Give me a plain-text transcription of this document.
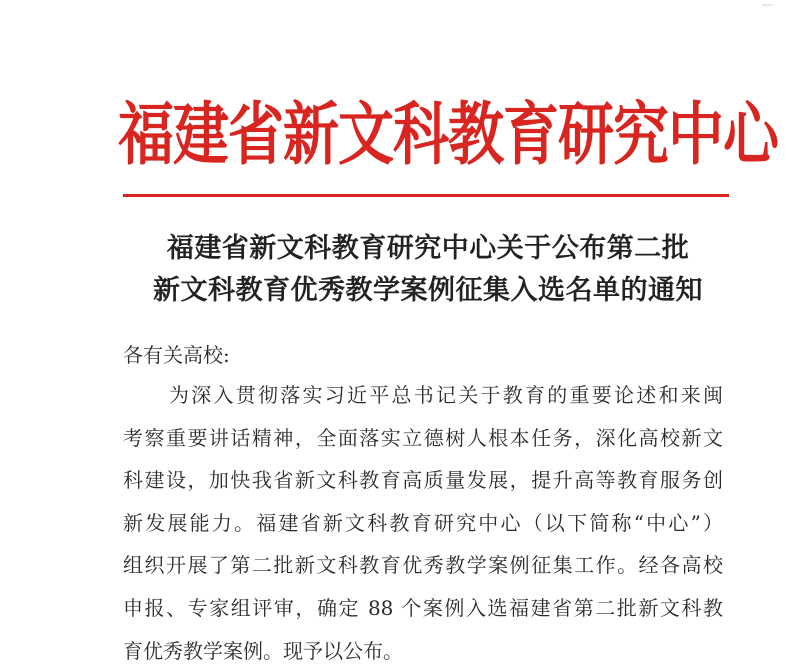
福建省新文科教育研究中心
福建省新文科教育研究中心关于公布第二批
新文科教育优秀教学案例征集入选名单的通知
各有关高校:
为深入贯彻落实习近平总书记关于教育的重要论述和来闽
考察重要讲话精神，全面落实立德树人根本任务，深化高校新文
科建设，加快我省新文科教育高质量发展，提升高等教育服务创
新发展能力。福建省新文科教育研究中心（以下简称“中心”）
组织开展了第二批新文科教育优秀教学案例征集工作。经各高校
申报、专家组评审，确定 88 个案例入选福建省第二批新文科教
育优秀教学案例。现予以公布。
